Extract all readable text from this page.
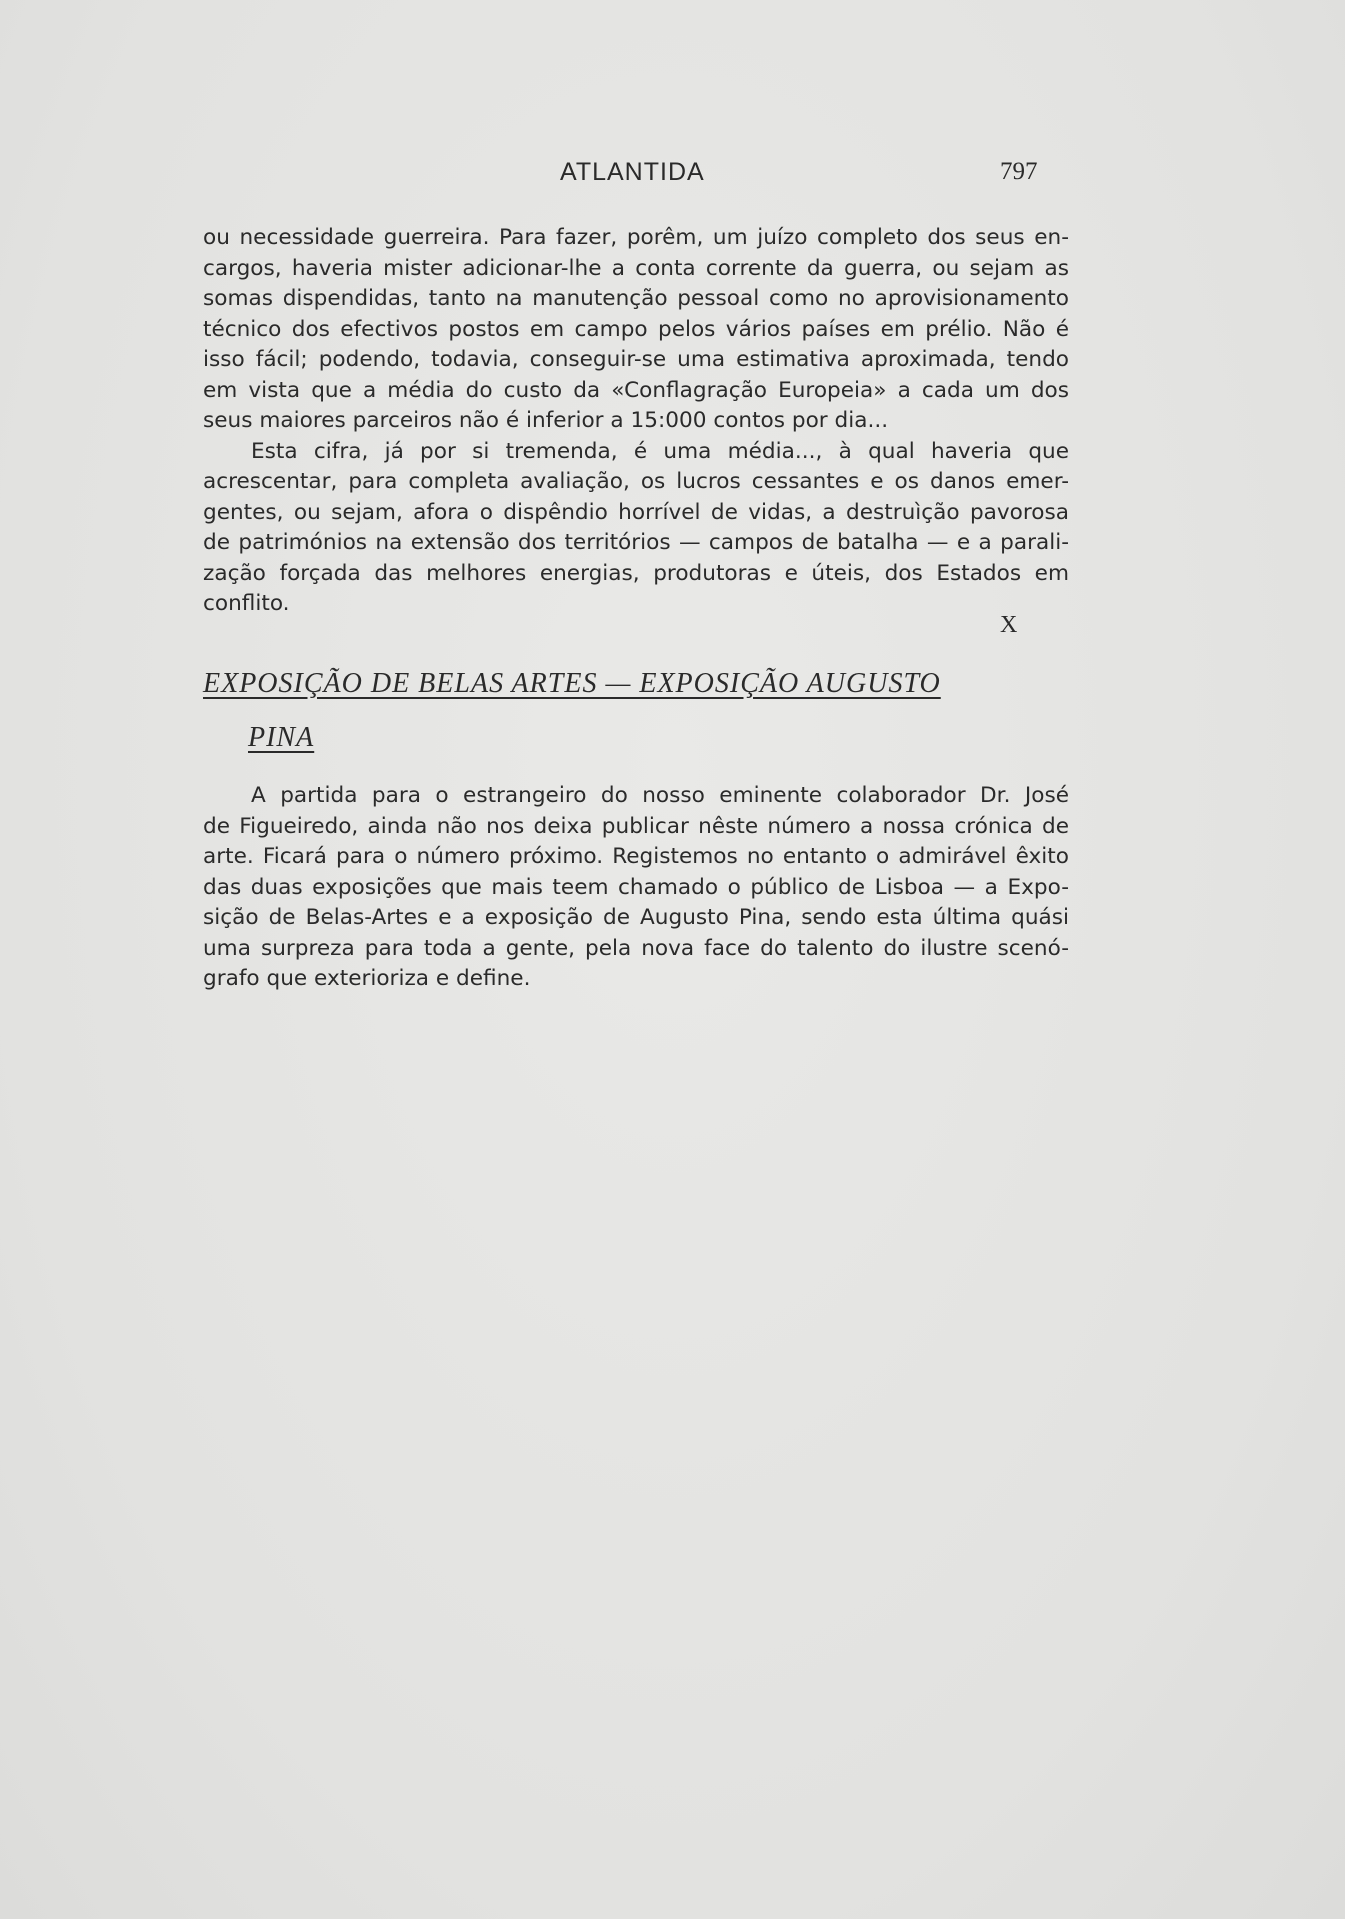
ATLANTIDA	797
ou necessidade guerreira. Para fazer, porêm, um juízo completo dos seus en-
cargos, haveria mister adicionar-lhe a conta corrente da guerra, ou sejam as
somas dispendidas, tanto na manutenção pessoal como no aprovisionamento
técnico dos efectivos postos em campo pelos vários países em prélio. Não é
isso fácil; podendo, todavia, conseguir-se uma estimativa aproximada, tendo
em vista que a média do custo da «Conflagração Europeia» a cada um dos
seus maiores parceiros não é inferior a 15:000 contos por dia...
Esta cifra, já por si tremenda, é uma média..., à qual haveria que
acrescentar, para completa avaliação, os lucros cessantes e os danos emer-
gentes, ou sejam, afora o dispêndio horrível de vidas, a destruìção pavorosa
de patrimónios na extensão dos territórios — campos de batalha — e a parali-
zação forçada das melhores energias, produtoras e úteis, dos Estados em
conflito.
X
EXPOSIÇÃO DE BELAS ARTES — EXPOSIÇÃO AUGUSTO
PINA
A partida para o estrangeiro do nosso eminente colaborador Dr. José
de Figueiredo, ainda não nos deixa publicar nêste número a nossa crónica de
arte. Ficará para o número próximo. Registemos no entanto o admirável êxito
das duas exposições que mais teem chamado o público de Lisboa — a Expo-
sição de Belas-Artes e a exposição de Augusto Pina, sendo esta última quási
uma surpreza para toda a gente, pela nova face do talento do ilustre scenó-
grafo que exterioriza e define.
